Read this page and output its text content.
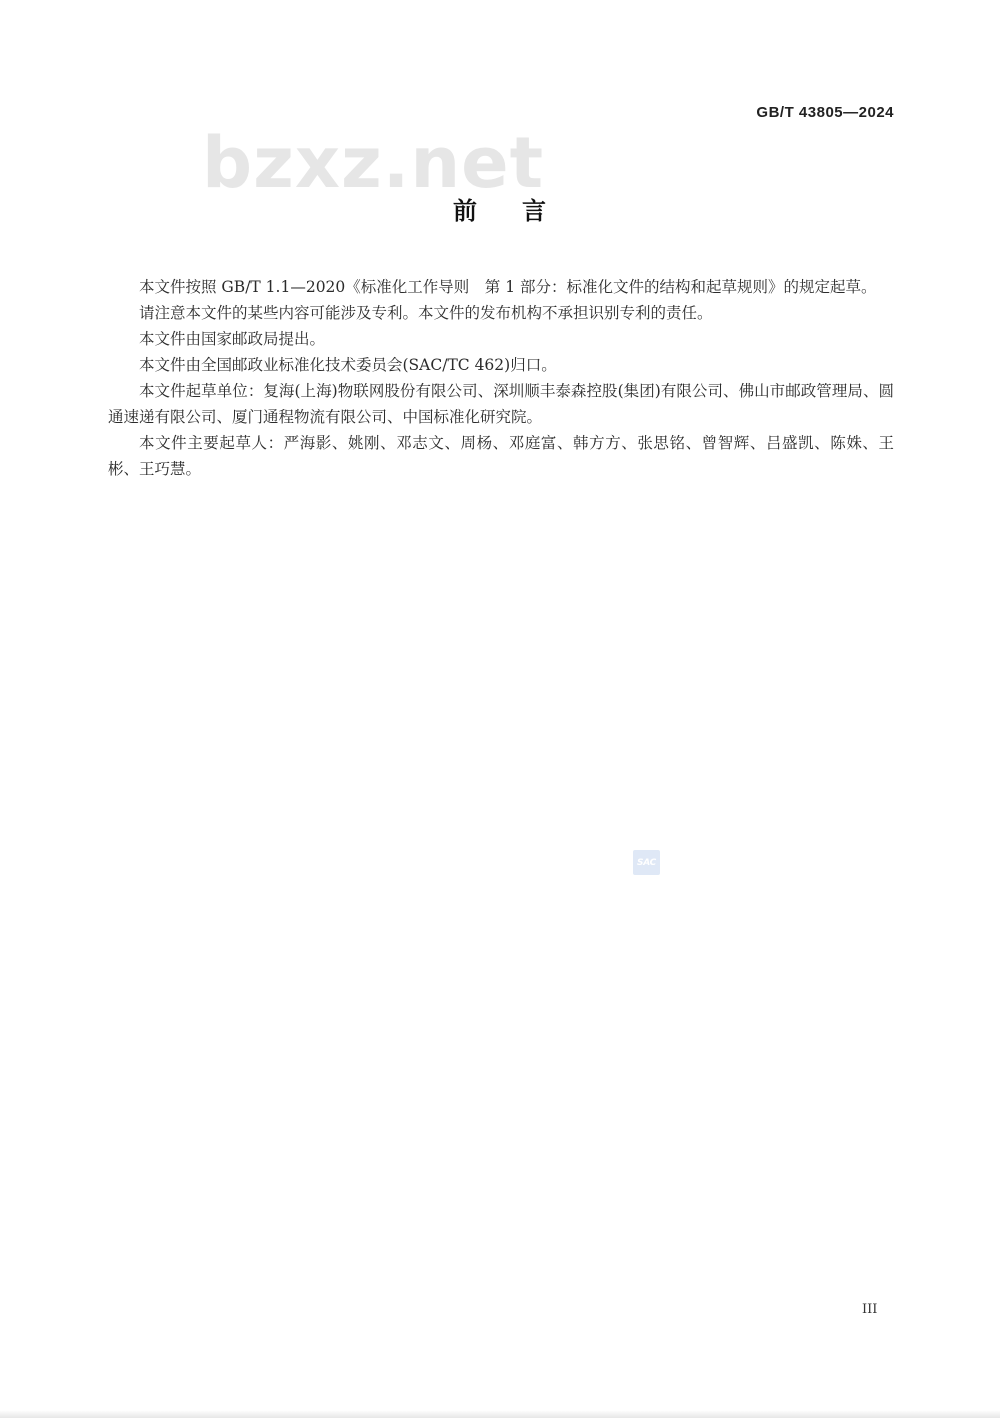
GB/T 43805—2024
bzxz.net
前 言

本文件按照 GB/T 1.1—2020《标准化工作导则　第 1 部分：标准化文件的结构和起草规则》的规定起草。

请注意本文件的某些内容可能涉及专利。本文件的发布机构不承担识别专利的责任。

本文件由国家邮政局提出。

本文件由全国邮政业标准化技术委员会(SAC/TC 462)归口。

本文件起草单位：复海(上海)物联网股份有限公司、深圳顺丰泰森控股(集团)有限公司、佛山市邮政管理局、圆通速递有限公司、厦门通程物流有限公司、中国标准化研究院。

本文件主要起草人：严海影、姚刚、邓志文、周杨、邓庭富、韩方方、张思铭、曾智辉、吕盛凯、陈姝、王彬、王巧慧。

SAC
III
